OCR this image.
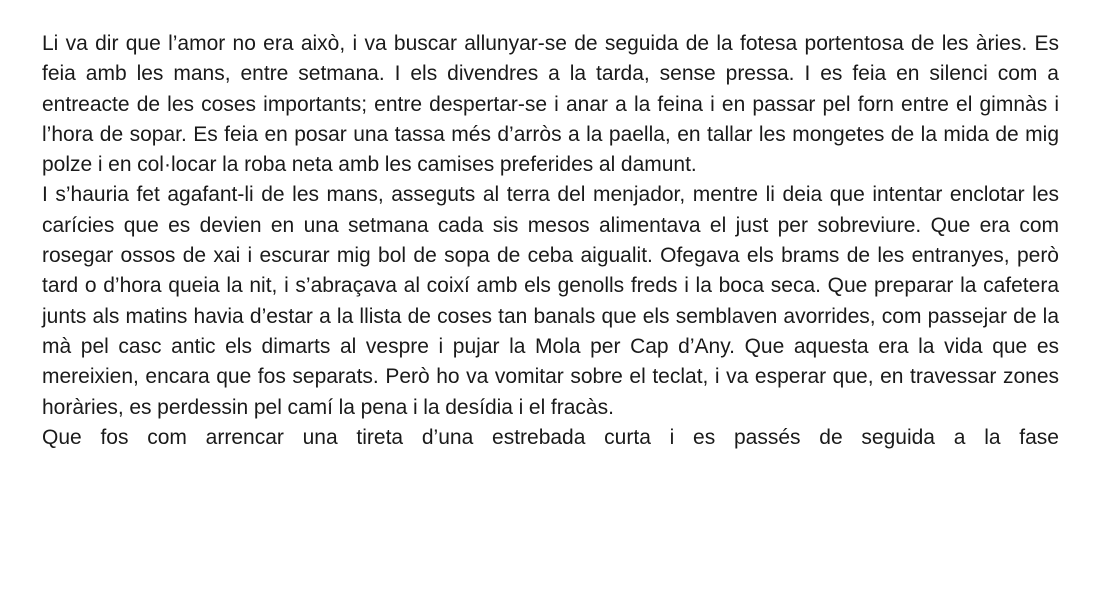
Li va dir que l’amor no era això, i va buscar allunyar-se de seguida de la fotesa portentosa de les àries. Es feia amb les mans, entre setmana. I els divendres a la tarda, sense pressa. I es feia en silenci com a entreacte de les coses importants; entre despertar-se i anar a la feina i en passar pel forn entre el gimnàs i l’hora de sopar. Es feia en posar una tassa més d’arròs a la paella, en tallar les mongetes de la mida de mig polze i en col·locar la roba neta amb les camises preferides al damunt.

I s’hauria fet agafant-li de les mans, asseguts al terra del menjador, mentre li deia que intentar enclotar les carícies que es devien en una setmana cada sis mesos alimentava el just per sobreviure. Que era com rosegar ossos de xai i escurar mig bol de sopa de ceba aigualit. Ofegava els brams de les entranyes, però tard o d’hora queia la nit, i s’abraçava al coixí amb els genolls freds i la boca seca. Que preparar la cafetera junts als matins havia d’estar a la llista de coses tan banals que els semblaven avorrides, com passejar de la mà pel casc antic els dimarts al vespre i pujar la Mola per Cap d’Any. Que aquesta era la vida que es mereixien, encara que fos separats. Però ho va vomitar sobre el teclat, i va esperar que, en travessar zones horàries, es perdessin pel camí la pena i la desídia i el fracàs.

Que fos com arrencar una tireta d’una estrebada curta i es passés de seguida a la fase
